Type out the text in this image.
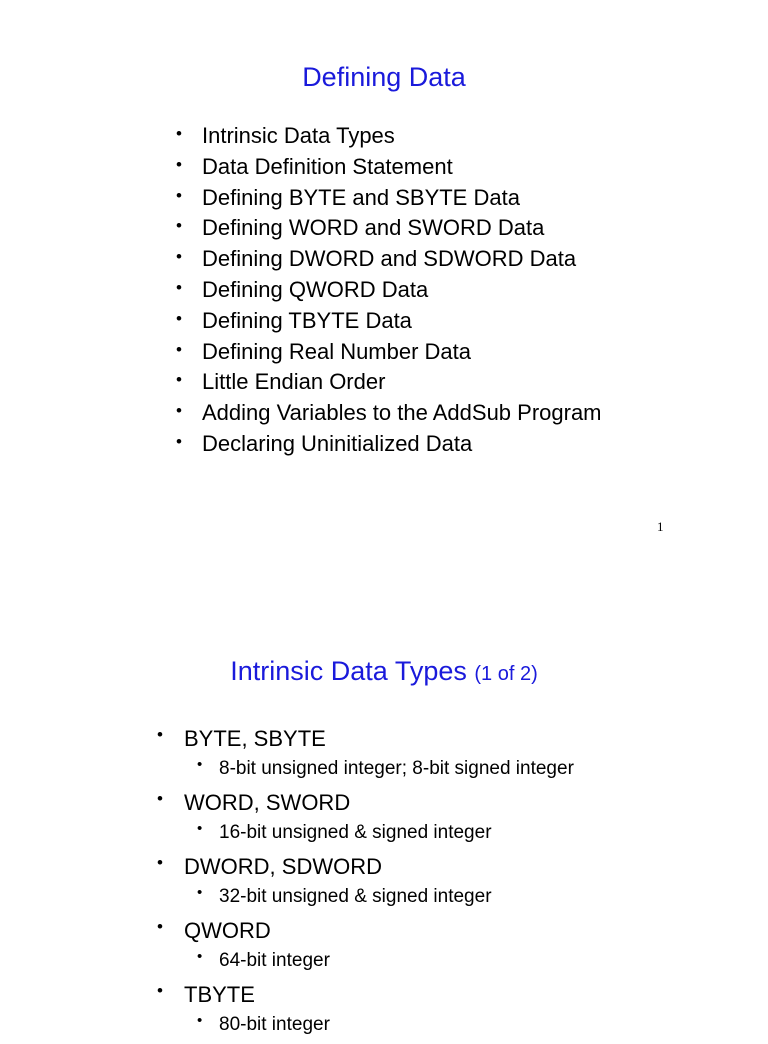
Defining Data
• Intrinsic Data Types
• Data Definition Statement
• Defining BYTE and SBYTE Data
• Defining WORD and SWORD Data
• Defining DWORD and SDWORD Data
• Defining QWORD Data
• Defining TBYTE Data
• Defining Real Number Data
• Little Endian Order
• Adding Variables to the AddSub Program
• Declaring Uninitialized Data
1
Intrinsic Data Types (1 of 2)
• BYTE, SBYTE
• 8-bit unsigned integer; 8-bit signed integer
• WORD, SWORD
• 16-bit unsigned & signed integer
• DWORD, SDWORD
• 32-bit unsigned & signed integer
• QWORD
• 64-bit integer
• TBYTE
• 80-bit integer
